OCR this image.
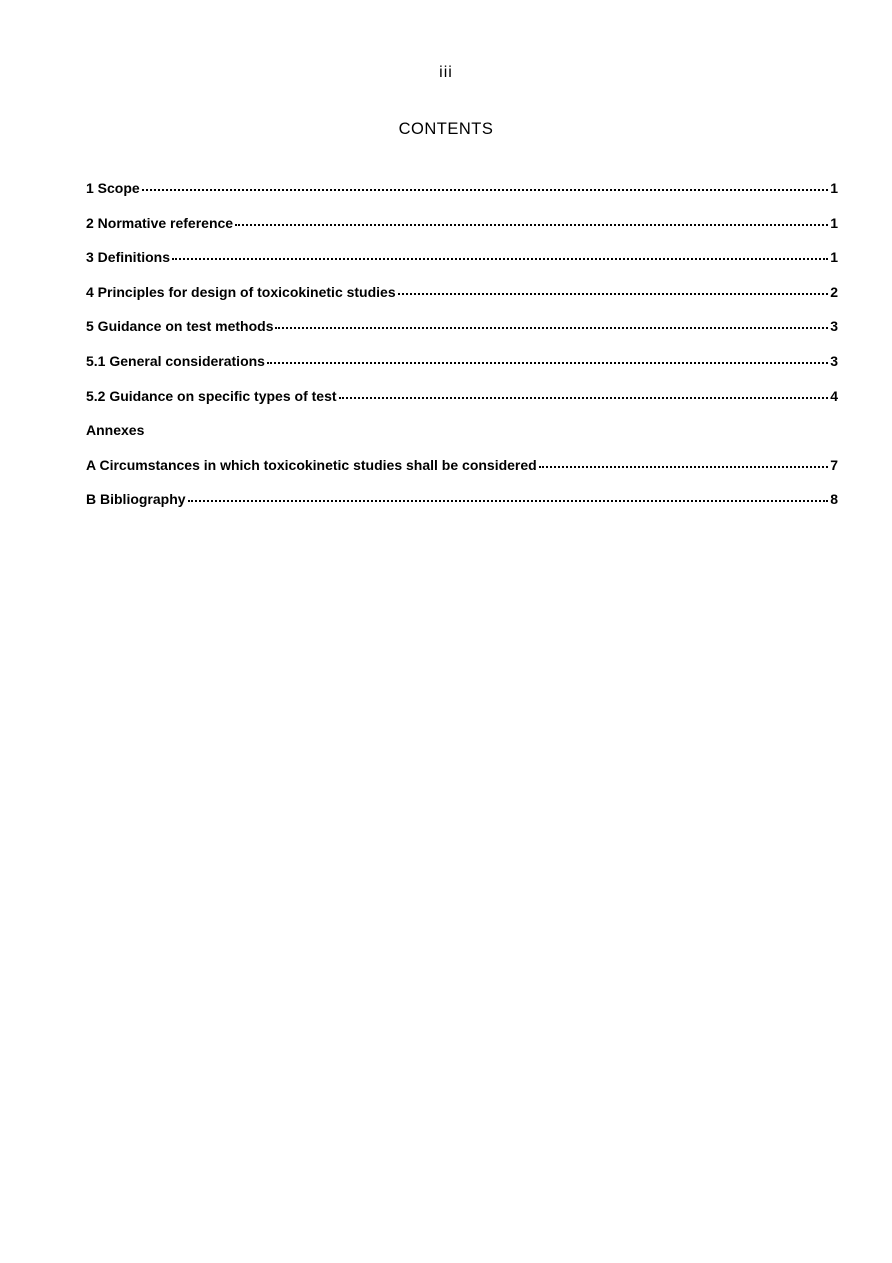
iii
CONTENTS
1 Scope	1
2 Normative reference	1
3 Definitions	1
4 Principles for design of toxicokinetic studies	2
5 Guidance on test methods	3
5.1 General considerations	3
5.2 Guidance on specific types of test	4
Annexes
A Circumstances in which toxicokinetic studies shall be considered	7
B Bibliography	8
